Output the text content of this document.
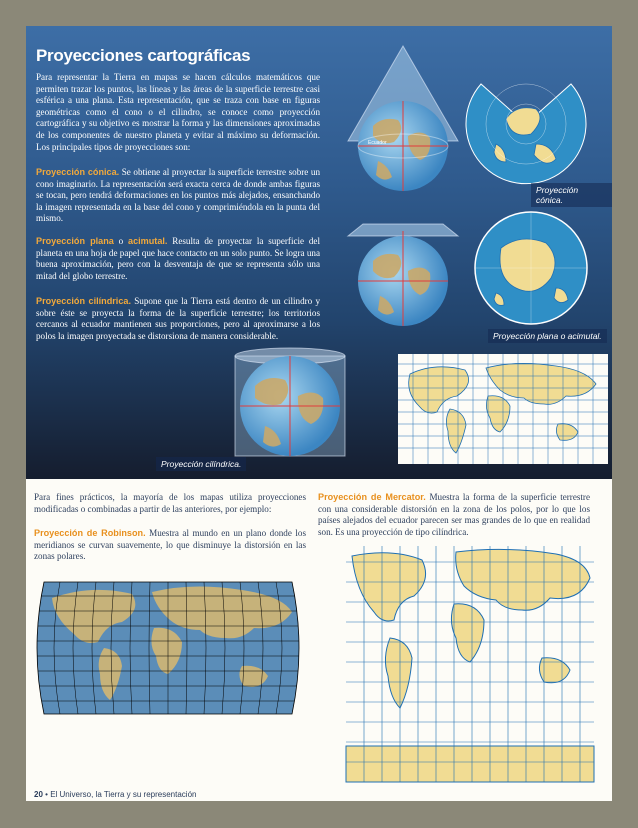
Proyecciones cartográficas

Para representar la Tierra en mapas se hacen cálculos matemáticos que permiten trazar los puntos, las líneas y las áreas de la superficie terrestre casi esférica a una plana. Esta representación, que se traza con base en figuras geométricas como el cono o el cilindro, se conoce como proyección cartográfica y su objetivo es mostrar la forma y las dimensiones aproximadas de los componentes de nuestro planeta y evitar al máximo su deformación. Los principales tipos de proyecciones son:

Proyección cónica. Se obtiene al proyectar la superficie terrestre sobre un cono imaginario. La representación será exacta cerca de donde ambas figuras se tocan, pero tendrá deformaciones en los puntos más alejados, ensanchando la imagen representada en la base del cono y comprimiéndola en la punta del mismo.

Proyección plana o acimutal. Resulta de proyectar la superficie del planeta en una hoja de papel que hace contacto en un solo punto. Se logra una buena aproximación, pero con la desventaja de que se representa sólo una mitad del globo terrestre.

Proyección cilíndrica. Supone que la Tierra está dentro de un cilindro y sobre éste se proyecta la forma de la superficie terrestre; los territorios cercanos al ecuador mantienen sus proporciones, pero al aproximarse a los polos la imagen proyectada se distorsiona de manera considerable.

Ecuador
Proyección cónica.
Proyección plana o acimutal.
Proyección cilíndrica.

Para fines prácticos, la mayoría de los mapas utiliza proyecciones modificadas o combinadas a partir de las anteriores, por ejemplo:

Proyección de Robinson. Muestra al mundo en un plano donde los meridianos se curvan suavemente, lo que disminuye la distorsión en las zonas polares.

Proyección de Mercator. Muestra la forma de la superficie terrestre con una considerable distorsión en la zona de los polos, por lo que los países alejados del ecuador parecen ser mas grandes de lo que en realidad son. Es una proyección de tipo cilíndrica.

20 • El Universo, la Tierra y su representación
